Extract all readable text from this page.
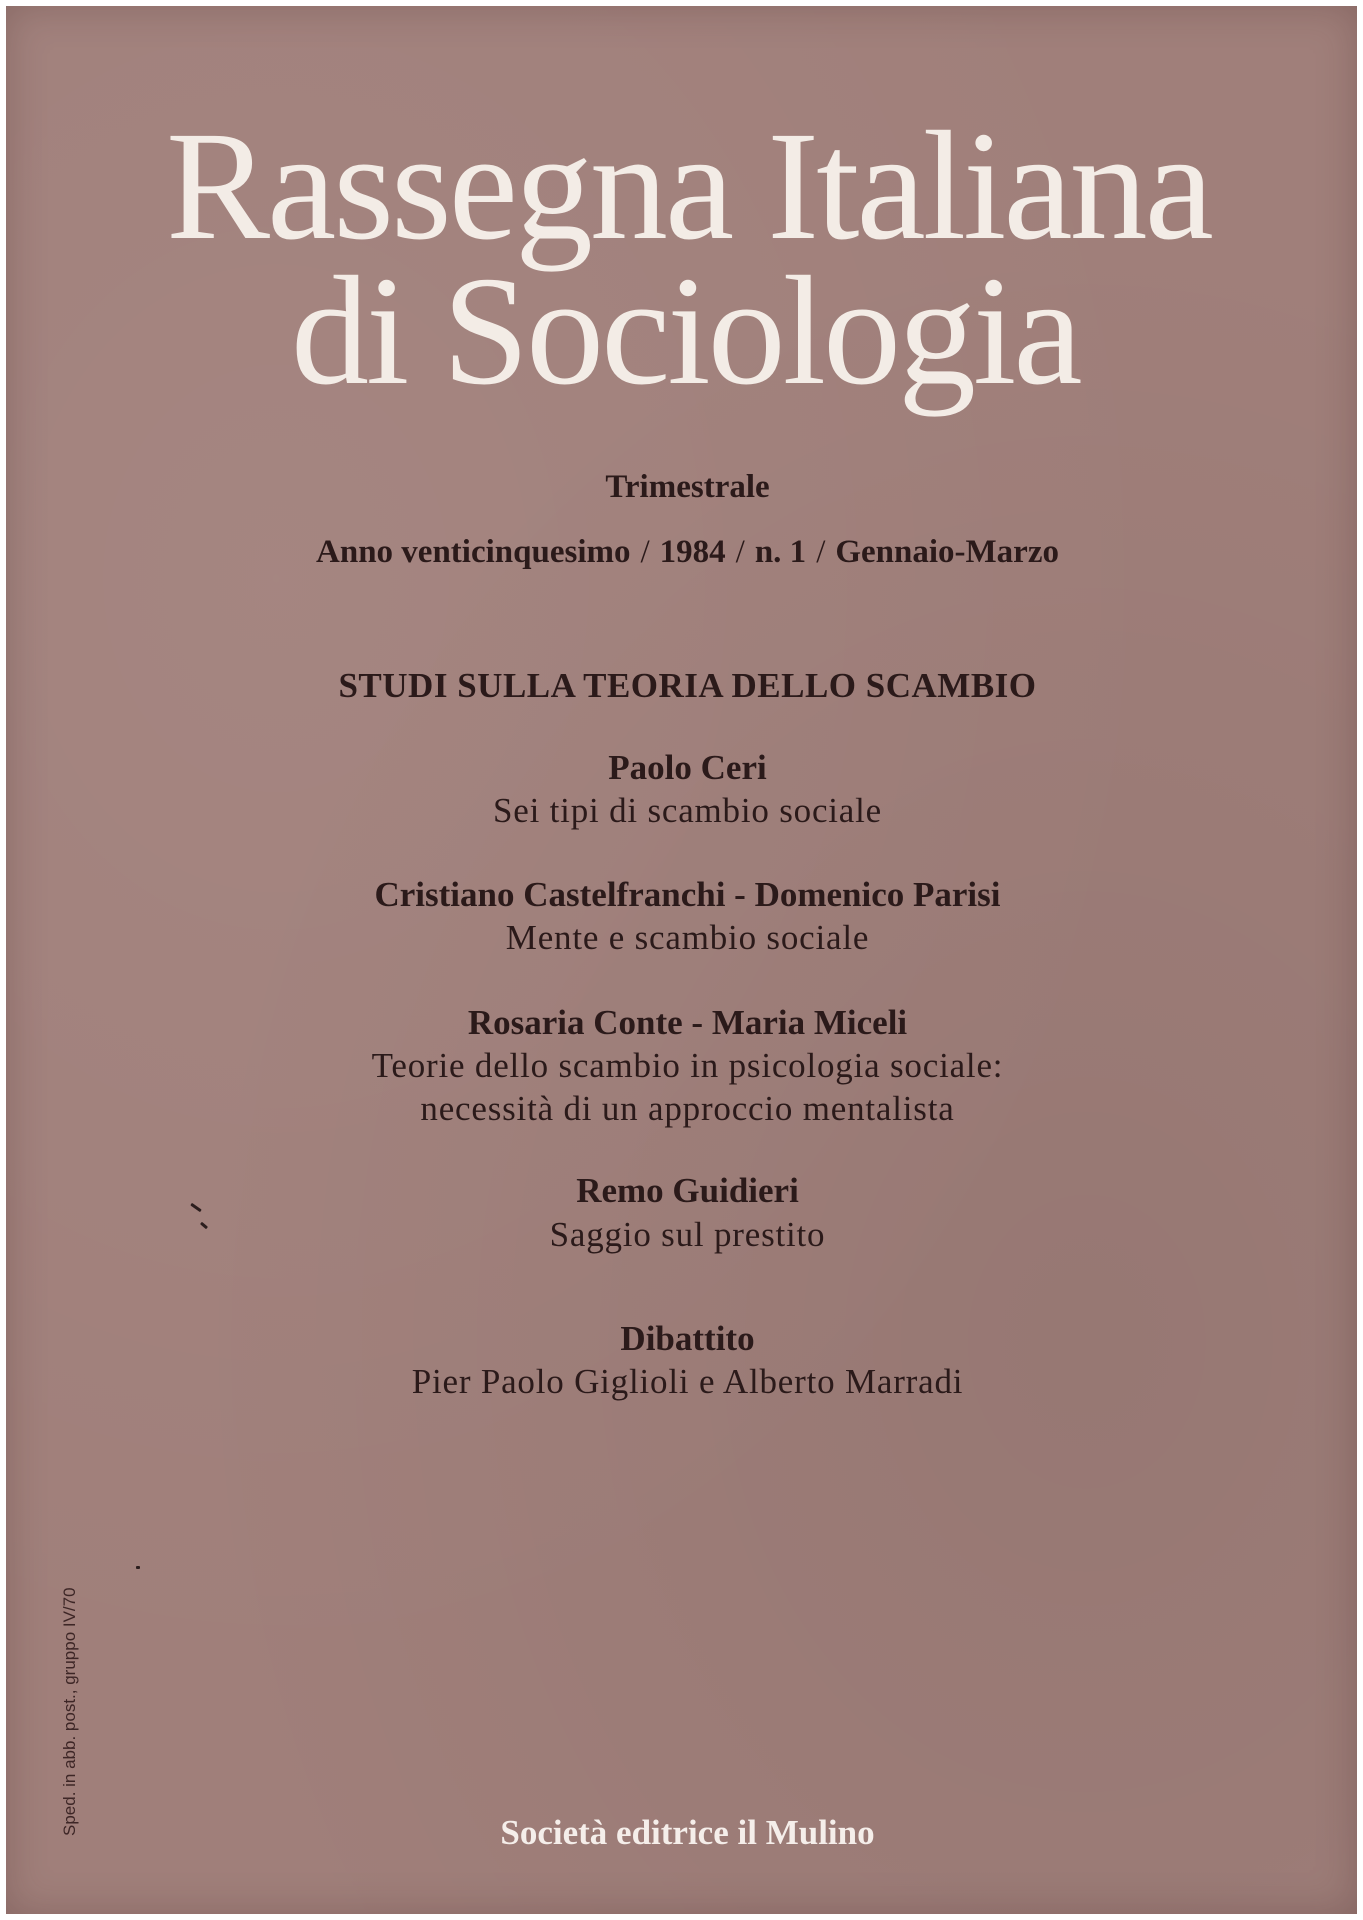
Rassegna Italiana
di Sociologia
Trimestrale
Anno venticinquesimo / 1984 / n. 1 / Gennaio-Marzo
STUDI SULLA TEORIA DELLO SCAMBIO
Paolo Ceri
Sei tipi di scambio sociale
Cristiano Castelfranchi - Domenico Parisi
Mente e scambio sociale
Rosaria Conte - Maria Miceli
Teorie dello scambio in psicologia sociale:
necessità di un approccio mentalista
Remo Guidieri
Saggio sul prestito
Dibattito
Pier Paolo Giglioli e Alberto Marradi
Società editrice il Mulino
Sped. in abb. post., gruppo IV/70
